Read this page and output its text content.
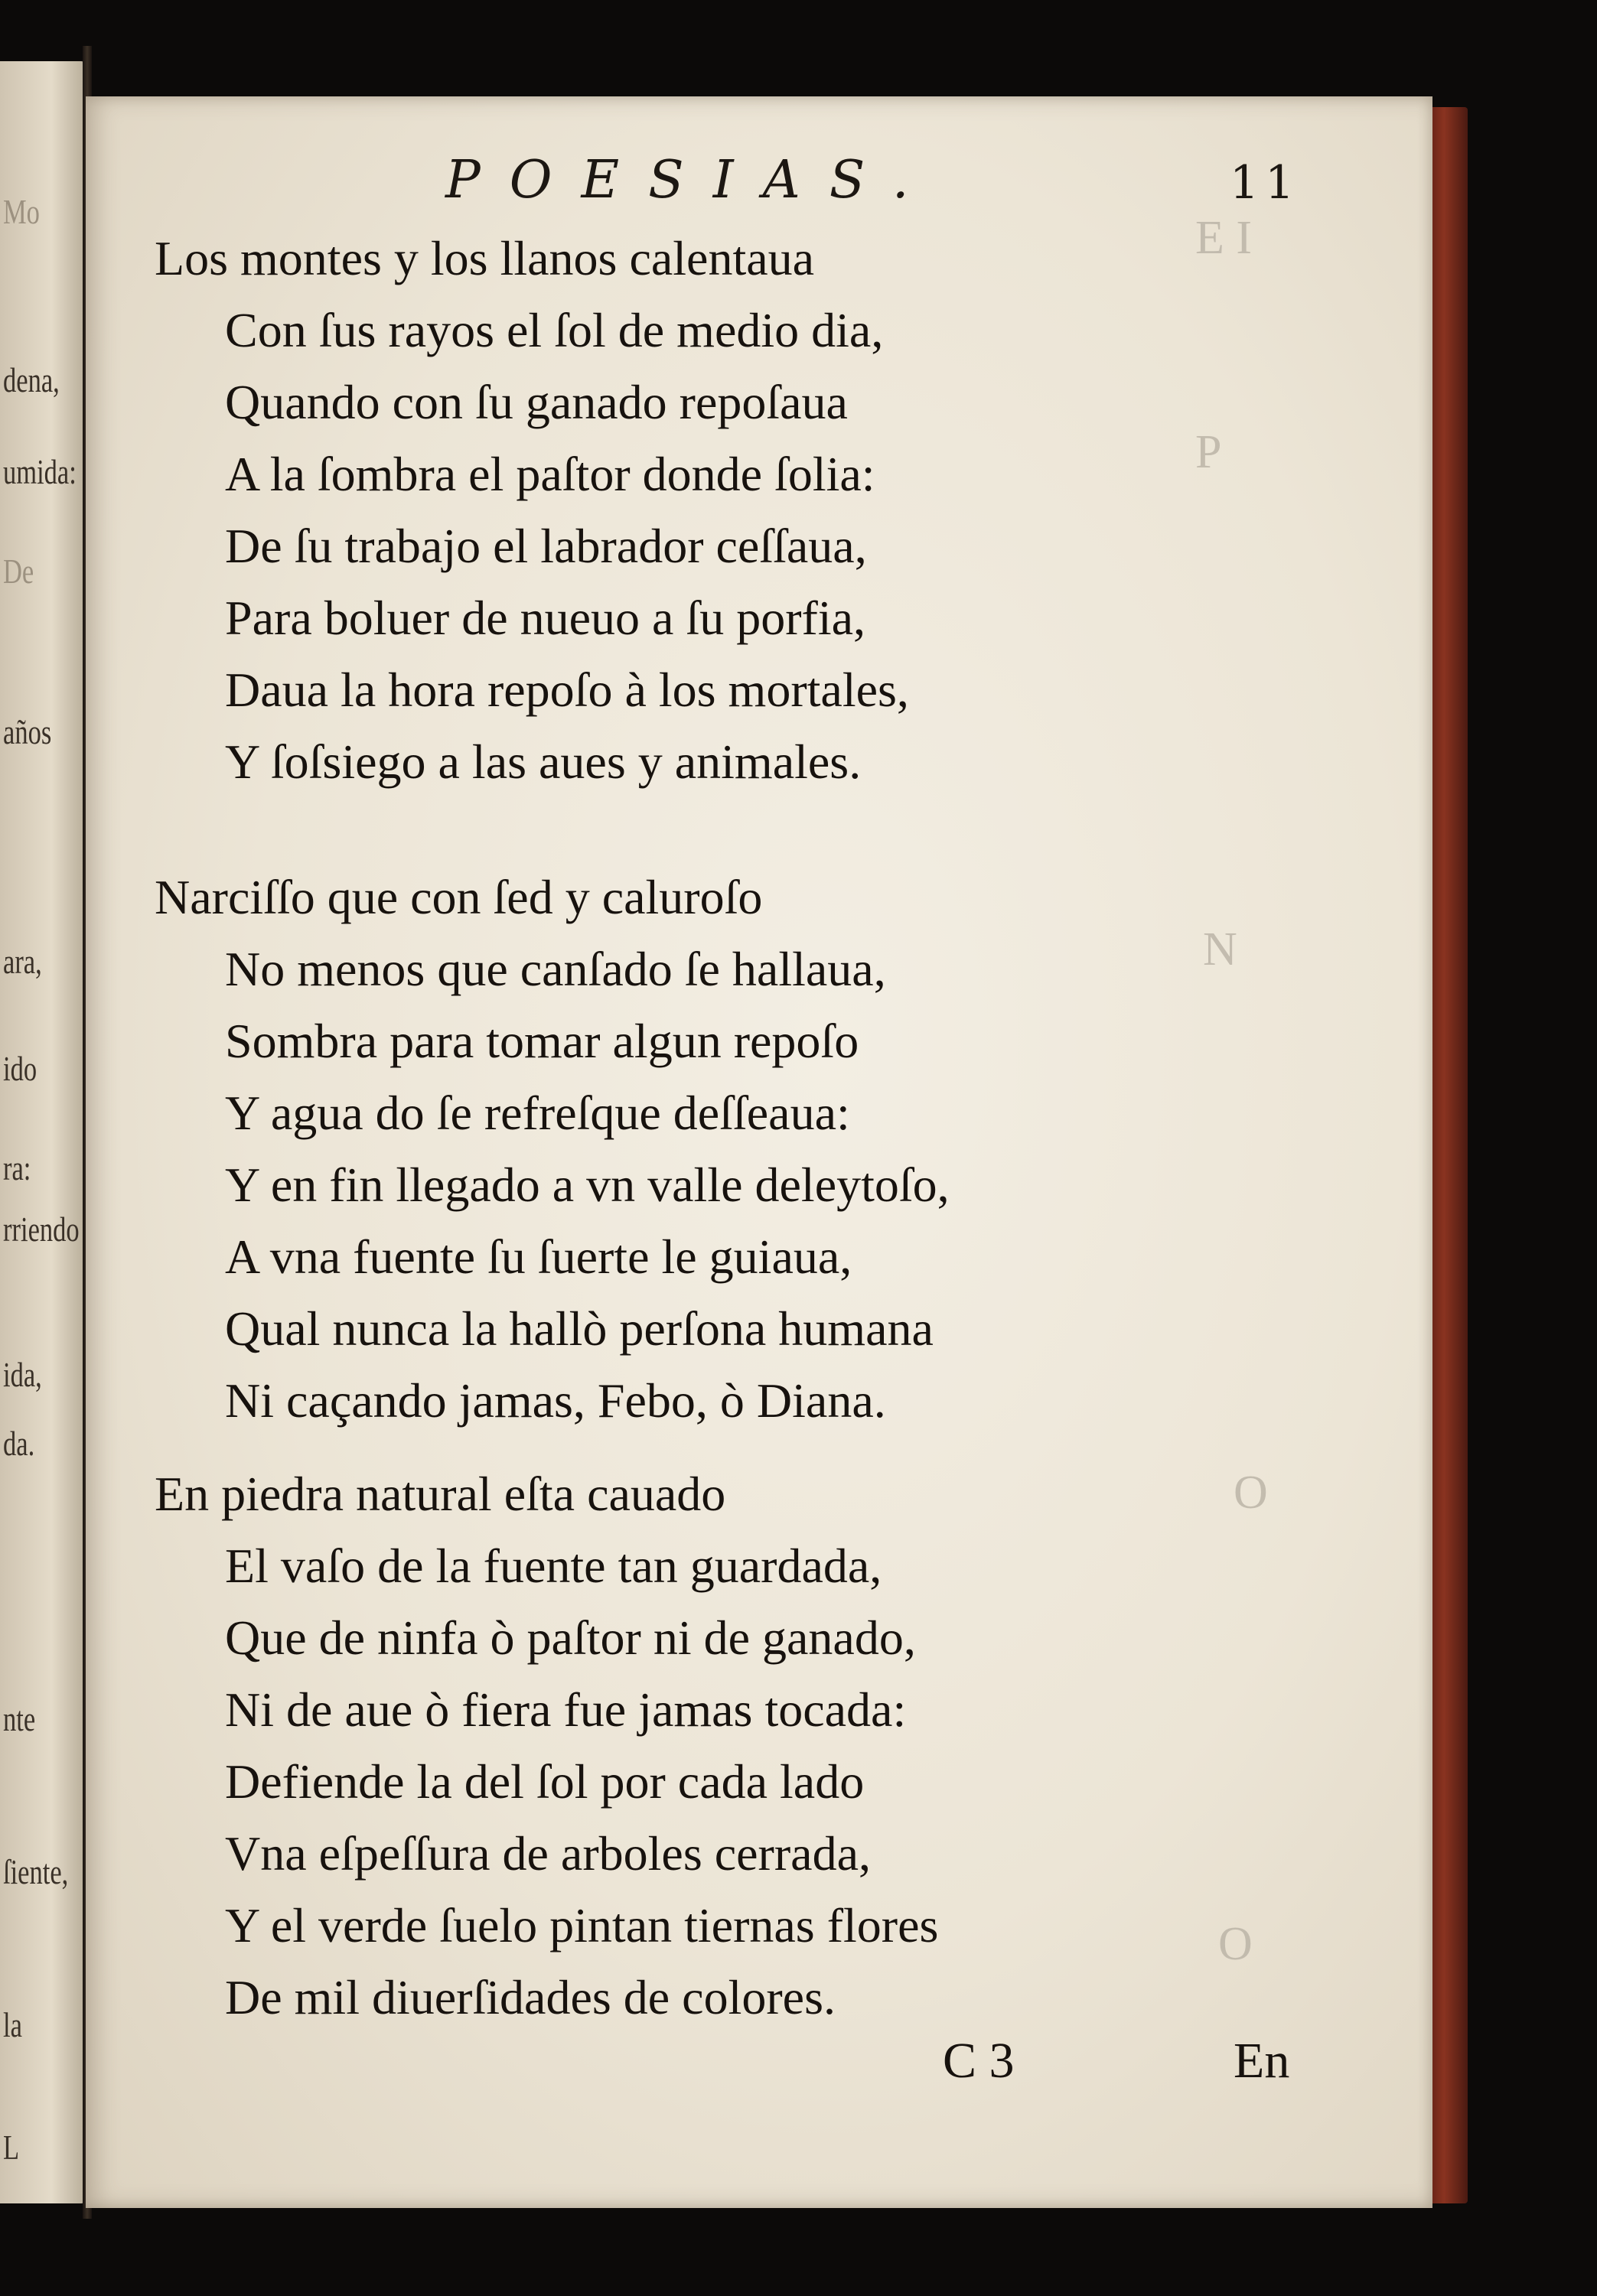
Mo
dena,
umida:
De
años
ara,
ido
ra:
rriendo
ida,
da.
nte
ſiente,
la
L
E I
P
N
O
O
POESIAS.	11

Los montes y los llanos calentaua

Con ſus rayos el ſol de medio dia,

Quando con ſu ganado repoſaua

A la ſombra el paſtor donde ſolia:

De ſu trabajo el labrador ceſſaua,

Para boluer de nueuo a ſu porfia,

Daua la hora repoſo à los mortales,

Y ſoſsiego a las aues y animales.

Narciſſo que con ſed y caluroſo

No menos que canſado ſe hallaua,

Sombra para tomar algun repoſo

Y agua do ſe refreſque deſſeaua:

Y en fin llegado a vn valle deleytoſo,

A vna fuente ſu ſuerte le guiaua,

Qual nunca la hallò perſona humana

Ni caçando jamas, Febo, ò Diana.

En piedra natural eſta cauado

El vaſo de la fuente tan guardada,

Que de ninfa ò paſtor ni de ganado,

Ni de aue ò fiera fue jamas tocada:

Defiende la del ſol por cada lado

Vna eſpeſſura de arboles cerrada,

Y el verde ſuelo pintan tiernas flores

De mil diuerſidades de colores.

C 3	En
